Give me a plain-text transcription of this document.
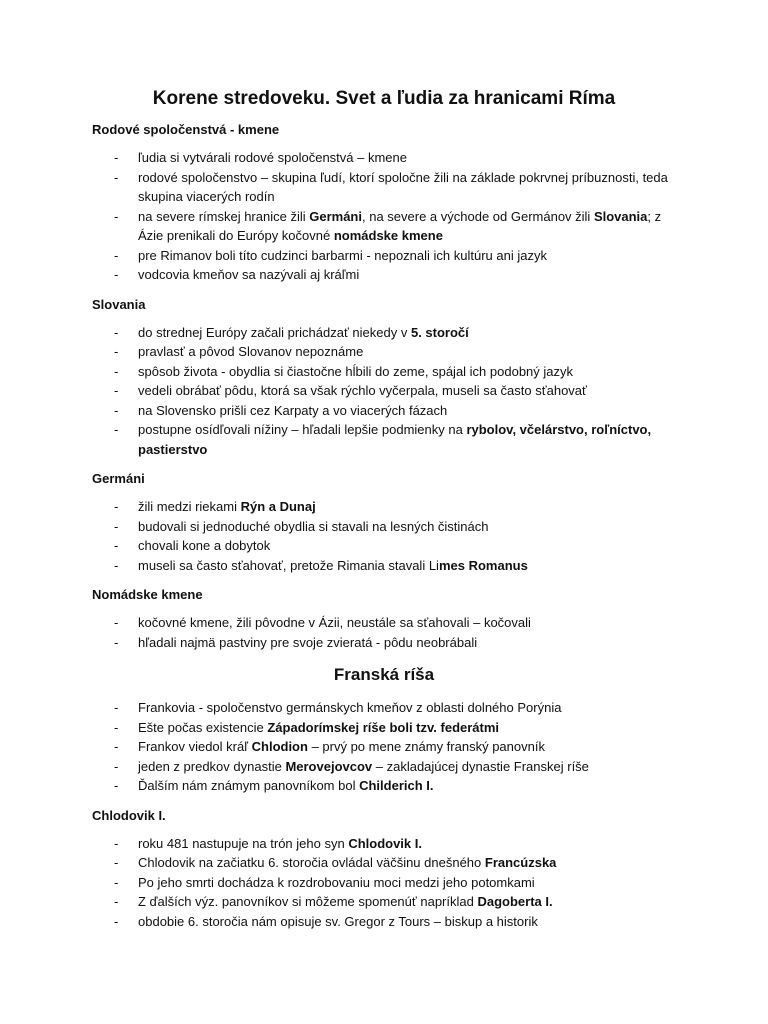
Korene stredoveku. Svet a ľudia za hranicami Ríma
Rodové spoločenstvá - kmene
- ľudia si vytvárali rodové spoločenstvá – kmene
- rodové spoločenstvo – skupina ľudí, ktorí spoločne žili na základe pokrvnej príbuznosti, teda skupina viacerých rodín
- na severe rímskej hranice žili Germáni, na severe a východe od Germánov žili Slovania; z Ázie prenikali do Európy kočovné nomádske kmene
- pre Rimanov boli títo cudzinci barbarmi - nepoznali ich kultúru ani jazyk
- vodcovia kmeňov sa nazývali aj kráľmi
Slovania
- do strednej Európy začali prichádzať niekedy v 5. storočí
- pravlasť a pôvod Slovanov nepoznáme
- spôsob života - obydlia si čiastočne hĺbili do zeme, spájal ich podobný jazyk
- vedeli obrábať pôdu, ktorá sa však rýchlo vyčerpala, museli sa často sťahovať
- na Slovensko prišli cez Karpaty a vo viacerých fázach
- postupne osídľovali nížiny – hľadali lepšie podmienky na rybolov, včelárstvo, roľníctvo, pastierstvo
Germáni
- žili medzi riekami Rýn a Dunaj
- budovali si jednoduché obydlia si stavali na lesných čistinách
- chovali kone a dobytok
- museli sa často sťahovať, pretože Rimania stavali Limes Romanus
Nomádske kmene
- kočovné kmene, žili pôvodne v Ázii, neustále sa sťahovali – kočovali
- hľadali najmä pastviny pre svoje zvieratá - pôdu neobrábali
Franská ríša
- Frankovia - spoločenstvo germánskych kmeňov z oblasti dolného Porýnia
- Ešte počas existencie Západorímskej ríše boli tzv. federátmi
- Frankov viedol kráľ Chlodion – prvý po mene známy franský panovník
- jeden z predkov dynastie Merovejovcov – zakladajúcej dynastie Franskej ríše
- Ďalším nám známym panovníkom bol Childerich I.
Chlodovik I.
- roku 481 nastupuje na trón jeho syn Chlodovik I.
- Chlodovik na začiatku 6. storočia ovládal väčšinu dnešného Francúzska
- Po jeho smrti dochádza k rozdrobovaniu moci medzi jeho potomkami
- Z ďalších výz. panovníkov si môžeme spomenúť napríklad Dagoberta I.
- obdobie 6. storočia nám opisuje sv. Gregor z Tours – biskup a historik
